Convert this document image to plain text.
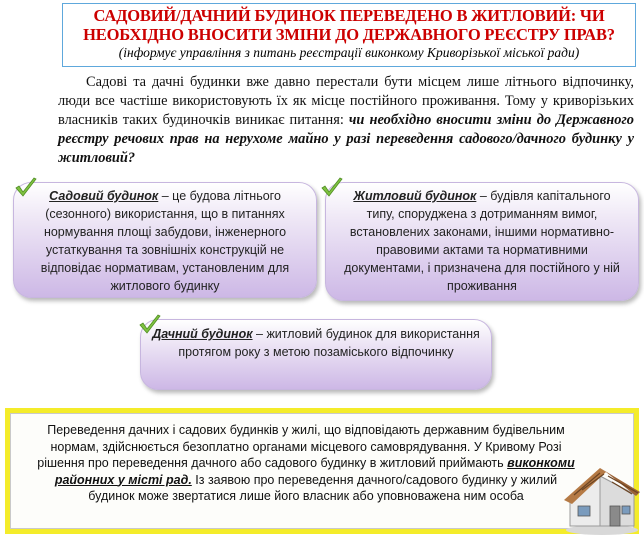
САДОВИЙ/ДАЧНИЙ БУДИНОК ПЕРЕВЕДЕНО В ЖИТЛОВИЙ: ЧИ
НЕОБХІДНО ВНОСИТИ ЗМІНИ ДО ДЕРЖАВНОГО РЕЄСТРУ ПРАВ?

(інформує управління з питань реєстрації виконкому Криворізької міської ради)

Садові та дачні будинки вже давно перестали бути місцем лише літнього відпочинку, люди все частіше використовують їх як місце постійного проживання. Тому у криворізьких власників таких будиночків виникає питання: чи необхідно вносити зміни до Державного реєстру речових прав на нерухоме майно у разі переведення садового/дачного будинку у житловий?

Садовий будинок – це будова літнього (сезонного) використання, що в питаннях нормування площі забудови, інженерного устаткування та зовнішніх конструкцій не відповідає нормативам, установленим для житлового будинку
Житловий будинок – будівля капітального типу, споруджена з дотриманням вимог, встановлених законами, іншими нормативно-правовими актами та нормативними документами, і призначена для постійного у ній проживання
Дачний будинок – житловий будинок для використання протягом року з метою позаміського відпочинку
Переведення дачних і садових будинків у жилі, що відповідають державним будівельним нормам, здійснюється безоплатно органами місцевого самоврядування. У Кривому Розі рішення про переведення дачного або садового будинку в житловий приймають виконкоми районних у місті рад. Із заявою про переведення дачного/садового будинку у жилий будинок може звертатися лише його власник або уповноважена ним особа
